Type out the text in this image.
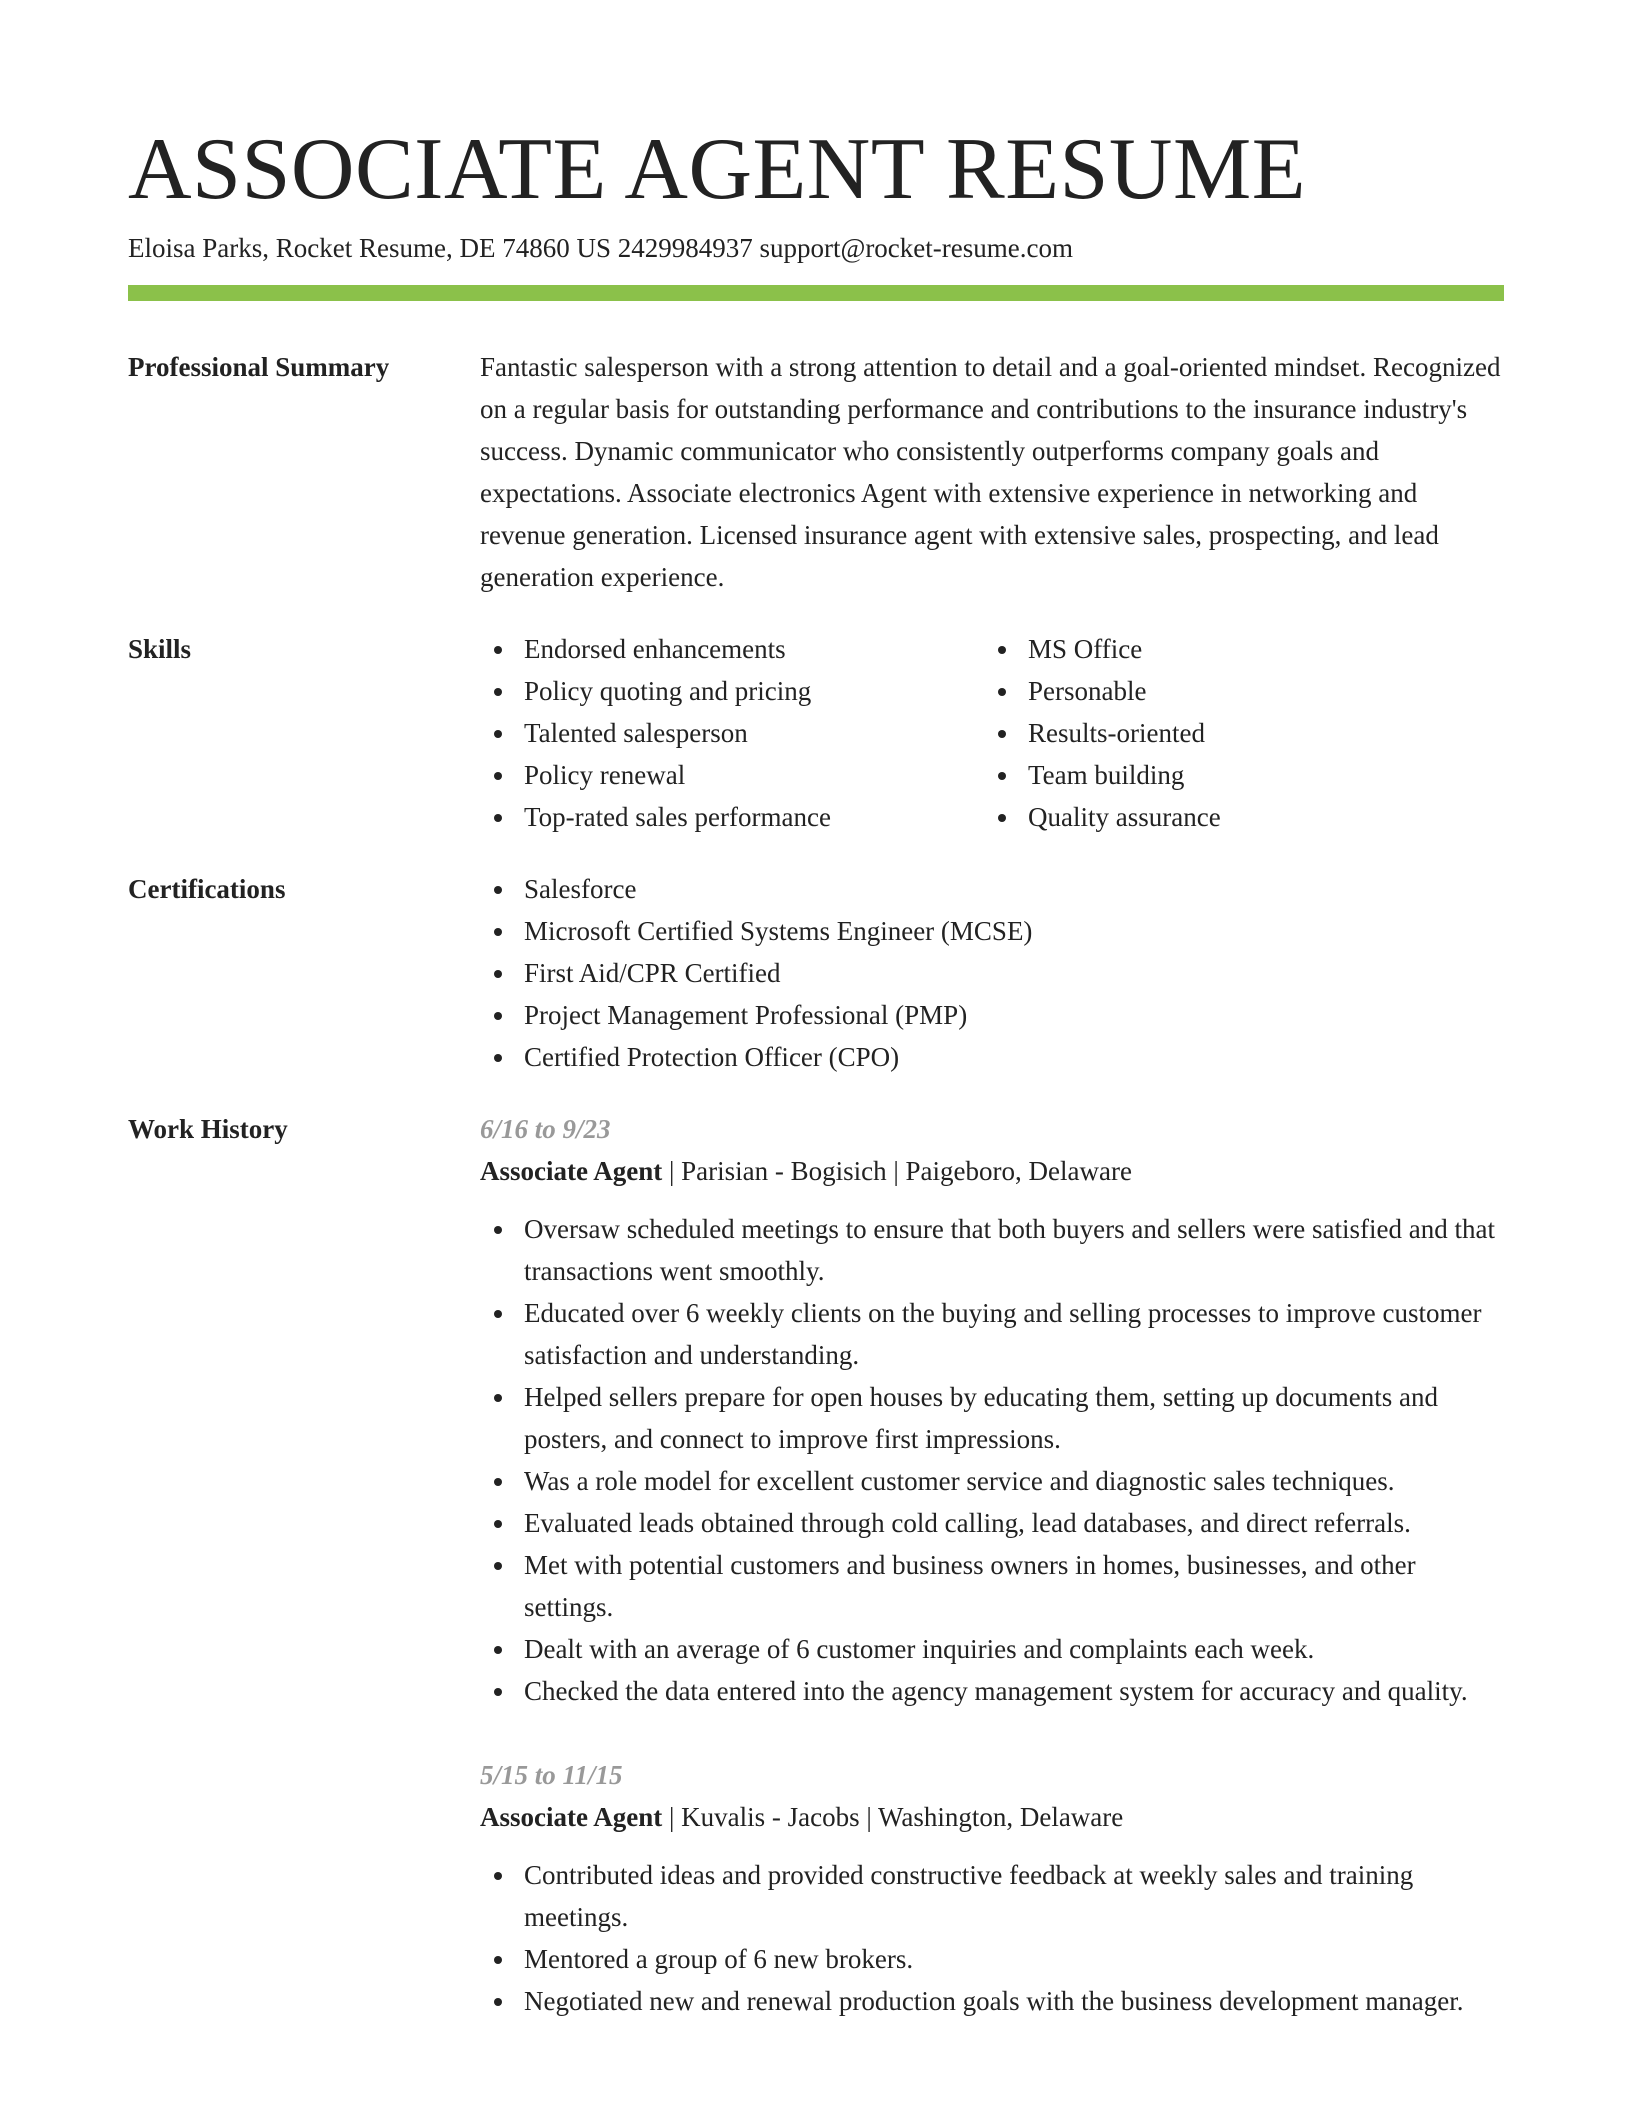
ASSOCIATE AGENT RESUME
Eloisa Parks, Rocket Resume, DE 74860 US 2429984937 support@rocket-resume.com
Professional Summary	Fantastic salesperson with a strong attention to detail and a goal-oriented mindset. Recognized on a regular basis for outstanding performance and contributions to the insurance industry's success. Dynamic communicator who consistently outperforms company goals and expectations. Associate electronics Agent with extensive experience in networking and revenue generation. Licensed insurance agent with extensive sales, prospecting, and lead generation experience.
Skills	Endorsed enhancements
Policy quoting and pricing
Talented salesperson
Policy renewal
Top-rated sales performance
MS Office
Personable
Results-oriented
Team building
Quality assurance
Certifications	Salesforce
Microsoft Certified Systems Engineer (MCSE)
First Aid/CPR Certified
Project Management Professional (PMP)
Certified Protection Officer (CPO)
Work History	6/16 to 9/23
Associate Agent | Parisian - Bogisich | Paigeboro, Delaware
Oversaw scheduled meetings to ensure that both buyers and sellers were satisfied and that transactions went smoothly.
Educated over 6 weekly clients on the buying and selling processes to improve customer satisfaction and understanding.
Helped sellers prepare for open houses by educating them, setting up documents and posters, and connect to improve first impressions.
Was a role model for excellent customer service and diagnostic sales techniques.
Evaluated leads obtained through cold calling, lead databases, and direct referrals.
Met with potential customers and business owners in homes, businesses, and other settings.
Dealt with an average of 6 customer inquiries and complaints each week.
Checked the data entered into the agency management system for accuracy and quality.
5/15 to 11/15
Associate Agent | Kuvalis - Jacobs | Washington, Delaware
Contributed ideas and provided constructive feedback at weekly sales and training meetings.
Mentored a group of 6 new brokers.
Negotiated new and renewal production goals with the business development manager.
